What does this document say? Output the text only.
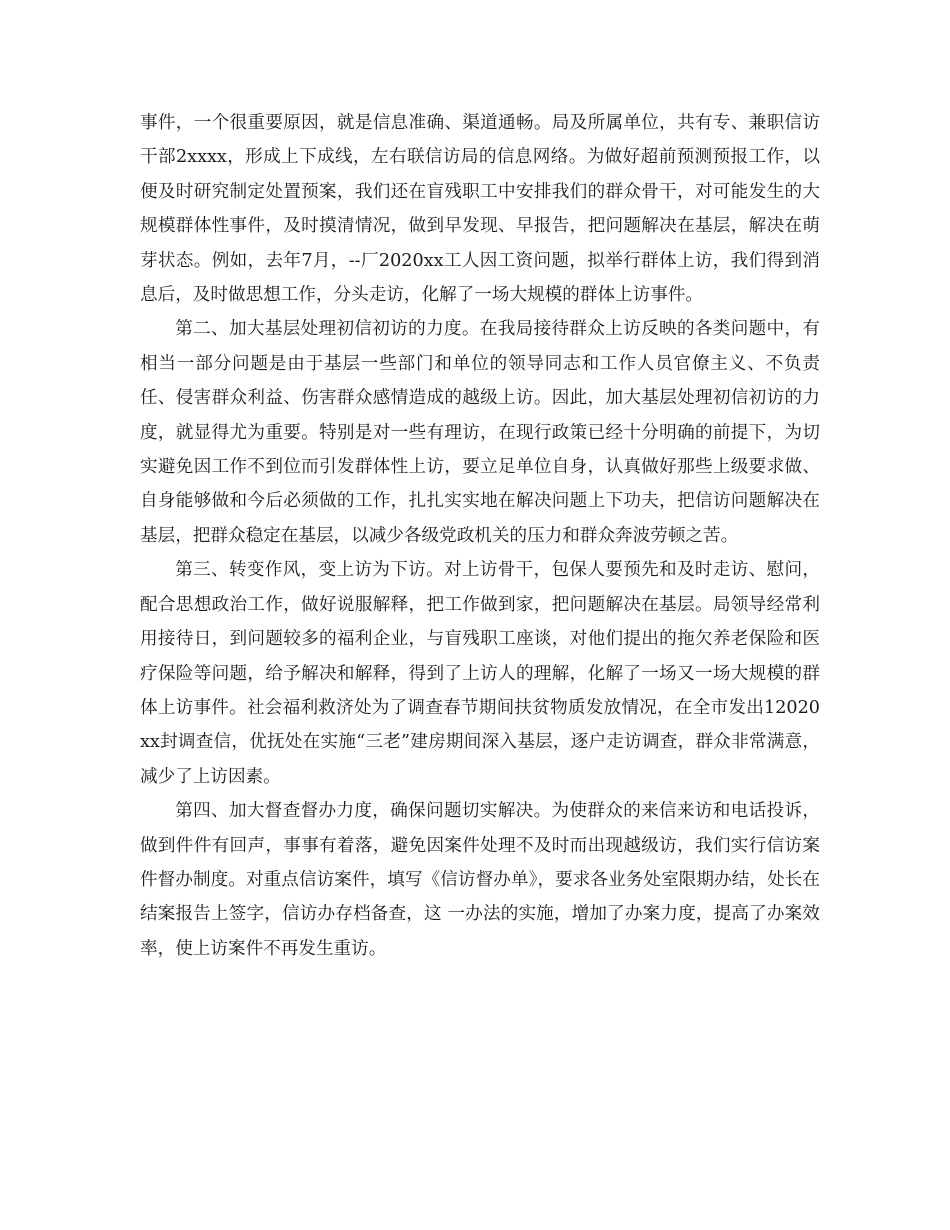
事件，一个很重要原因，就是信息准确、渠道通畅。局及所属单位，共有专、兼职信访干部2xxxx，形成上下成线，左右联信访局的信息网络。为做好超前预测预报工作，以便及时研究制定处置预案，我们还在盲残职工中安排我们的群众骨干，对可能发生的大规模群体性事件，及时摸清情况，做到早发现、早报告，把问题解决在基层，解决在萌芽状态。例如，去年7月，--厂2020xx工人因工资问题，拟举行群体上访，我们得到消息后，及时做思想工作，分头走访，化解了一场大规模的群体上访事件。

第二、加大基层处理初信初访的力度。在我局接待群众上访反映的各类问题中，有相当一部分问题是由于基层一些部门和单位的领导同志和工作人员官僚主义、不负责任、侵害群众利益、伤害群众感情造成的越级上访。因此，加大基层处理初信初访的力度，就显得尤为重要。特别是对一些有理访，在现行政策已经十分明确的前提下，为切实避免因工作不到位而引发群体性上访，要立足单位自身，认真做好那些上级要求做、自身能够做和今后必须做的工作，扎扎实实地在解决问题上下功夫，把信访问题解决在基层，把群众稳定在基层，以减少各级党政机关的压力和群众奔波劳顿之苦。

第三、转变作风，变上访为下访。对上访骨干，包保人要预先和及时走访、慰问，配合思想政治工作，做好说服解释，把工作做到家，把问题解决在基层。局领导经常利用接待日，到问题较多的福利企业，与盲残职工座谈，对他们提出的拖欠养老保险和医疗保险等问题，给予解决和解释，得到了上访人的理解，化解了一场又一场大规模的群体上访事件。社会福利救济处为了调查春节期间扶贫物质发放情况，在全市发出12020xx封调查信，优抚处在实施“三老”建房期间深入基层，逐户走访调查，群众非常满意，减少了上访因素。

第四、加大督查督办力度，确保问题切实解决。为使群众的来信来访和电话投诉，做到件件有回声，事事有着落，避免因案件处理不及时而出现越级访，我们实行信访案件督办制度。对重点信访案件，填写《信访督办单》，要求各业务处室限期办结，处长在结案报告上签字，信访办存档备查，这 一办法的实施，增加了办案力度，提高了办案效率，使上访案件不再发生重访。
